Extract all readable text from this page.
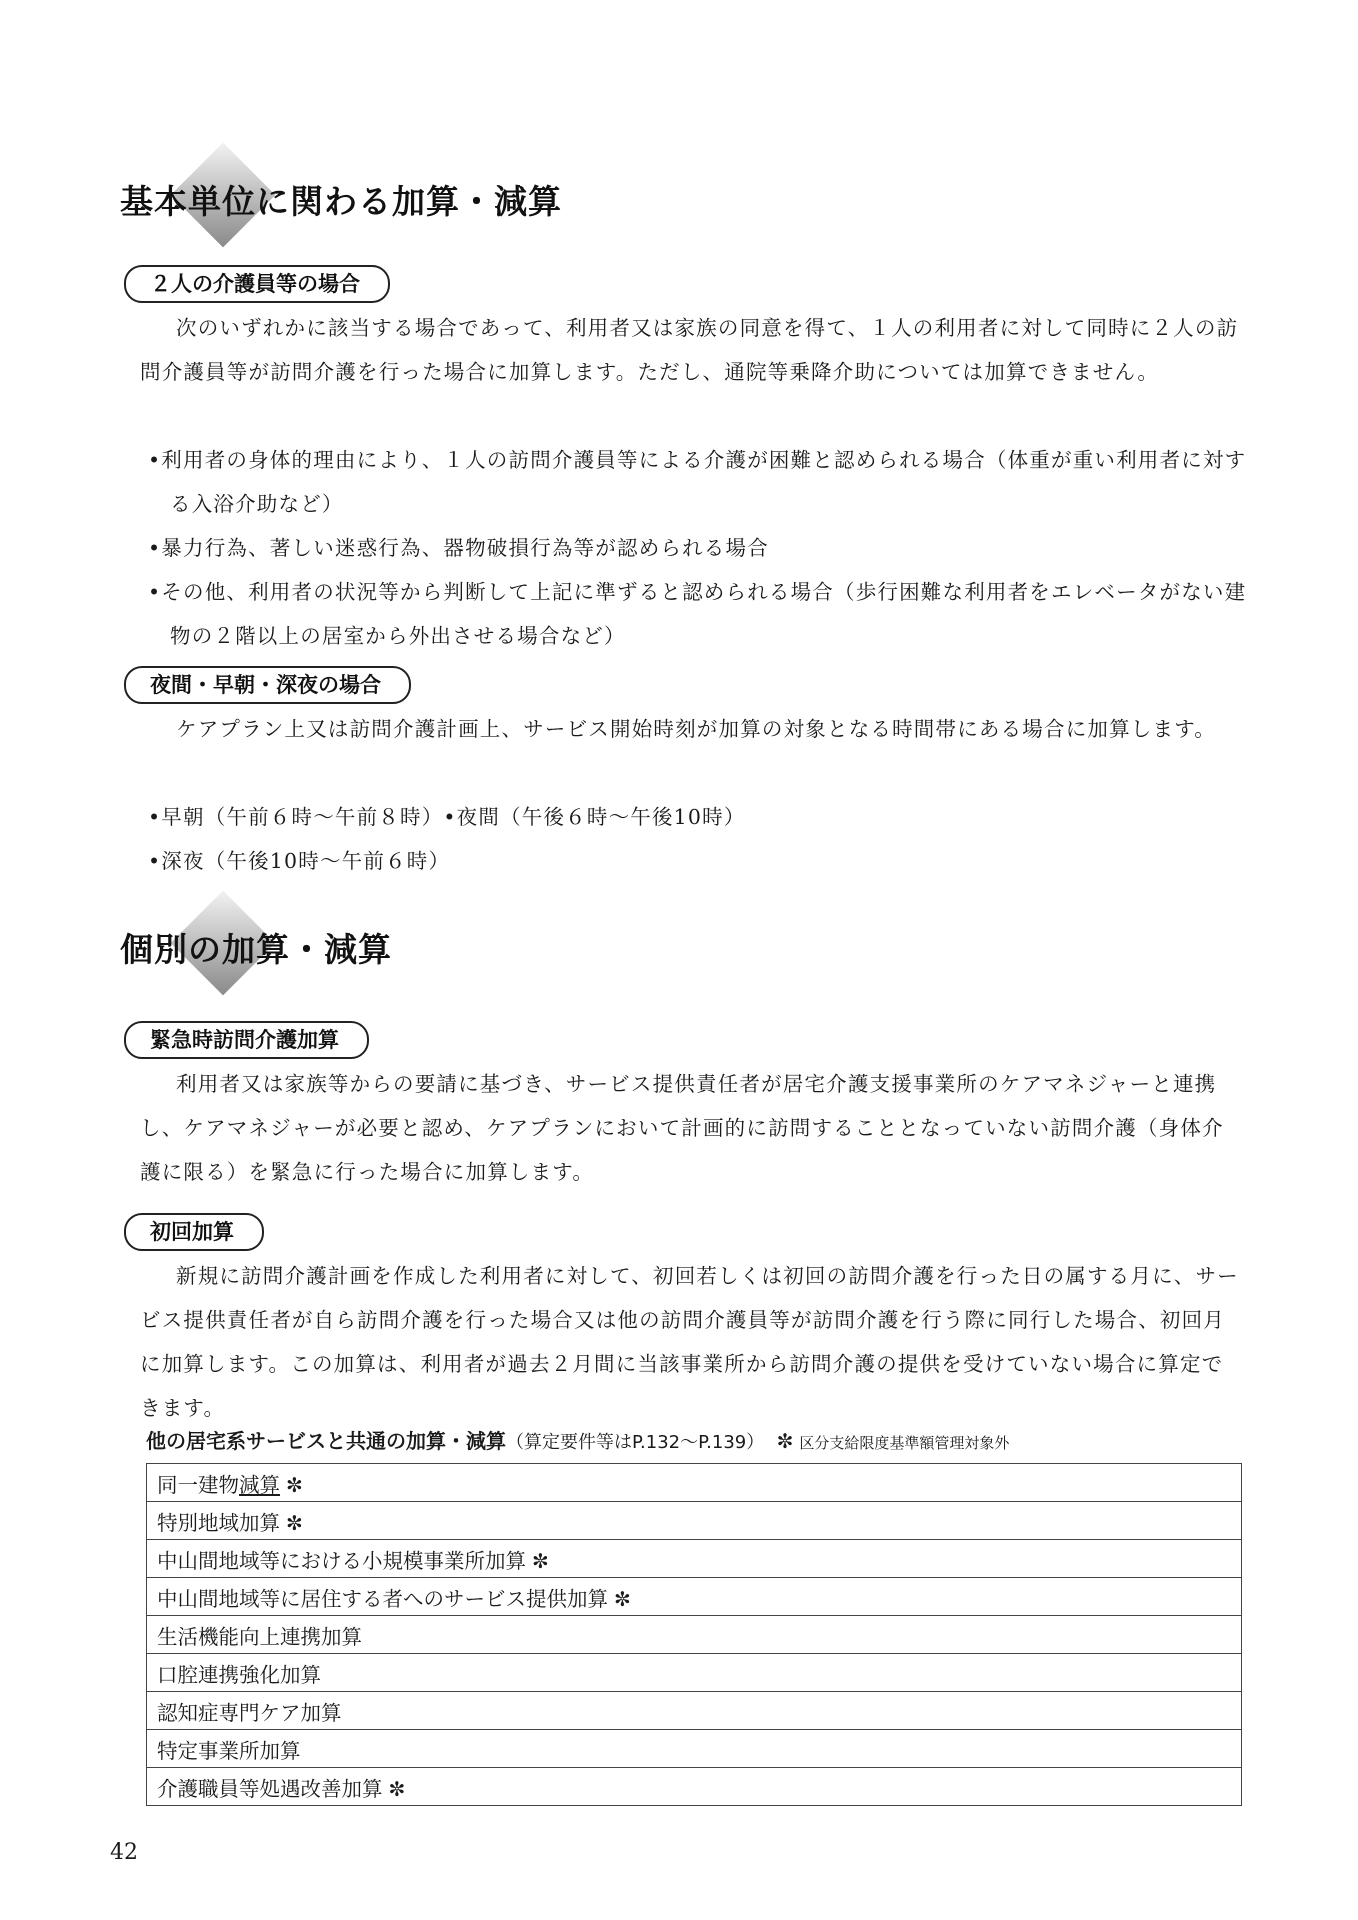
基本単位に関わる加算・減算
２人の介護員等の場合

次のいずれかに該当する場合であって、利用者又は家族の同意を得て、１人の利用者に対して同時に２人の訪問介護員等が訪問介護を行った場合に加算します。ただし、通院等乗降介助については加算できません。

•利用者の身体的理由により、１人の訪問介護員等による介護が困難と認められる場合（体重が重い利用者に対する入浴介助など）

•暴力行為、著しい迷惑行為、器物破損行為等が認められる場合

•その他、利用者の状況等から判断して上記に準ずると認められる場合（歩行困難な利用者をエレベータがない建物の２階以上の居室から外出させる場合など）

夜間・早朝・深夜の場合

ケアプラン上又は訪問介護計画上、サービス開始時刻が加算の対象となる時間帯にある場合に加算します。

•早朝（午前６時～午前８時）•夜間（午後６時～午後10時）

•深夜（午後10時～午前６時）

個別の加算・減算
緊急時訪問介護加算

利用者又は家族等からの要請に基づき、サービス提供責任者が居宅介護支援事業所のケアマネジャーと連携し、ケアマネジャーが必要と認め、ケアプランにおいて計画的に訪問することとなっていない訪問介護（身体介護に限る）を緊急に行った場合に加算します。

初回加算

新規に訪問介護計画を作成した利用者に対して、初回若しくは初回の訪問介護を行った日の属する月に、サービス提供責任者が自ら訪問介護を行った場合又は他の訪問介護員等が訪問介護を行う際に同行した場合、初回月に加算します。この加算は、利用者が過去２月間に当該事業所から訪問介護の提供を受けていない場合に算定できます。

他の居宅系サービスと共通の加算・減算（算定要件等はP.132～P.139） ✼ 区分支給限度基準額管理対象外
同一建物減算 ✼
特別地域加算 ✼
中山間地域等における小規模事業所加算 ✼
中山間地域等に居住する者へのサービス提供加算 ✼
生活機能向上連携加算
口腔連携強化加算
認知症専門ケア加算
特定事業所加算
介護職員等処遇改善加算 ✼
42
